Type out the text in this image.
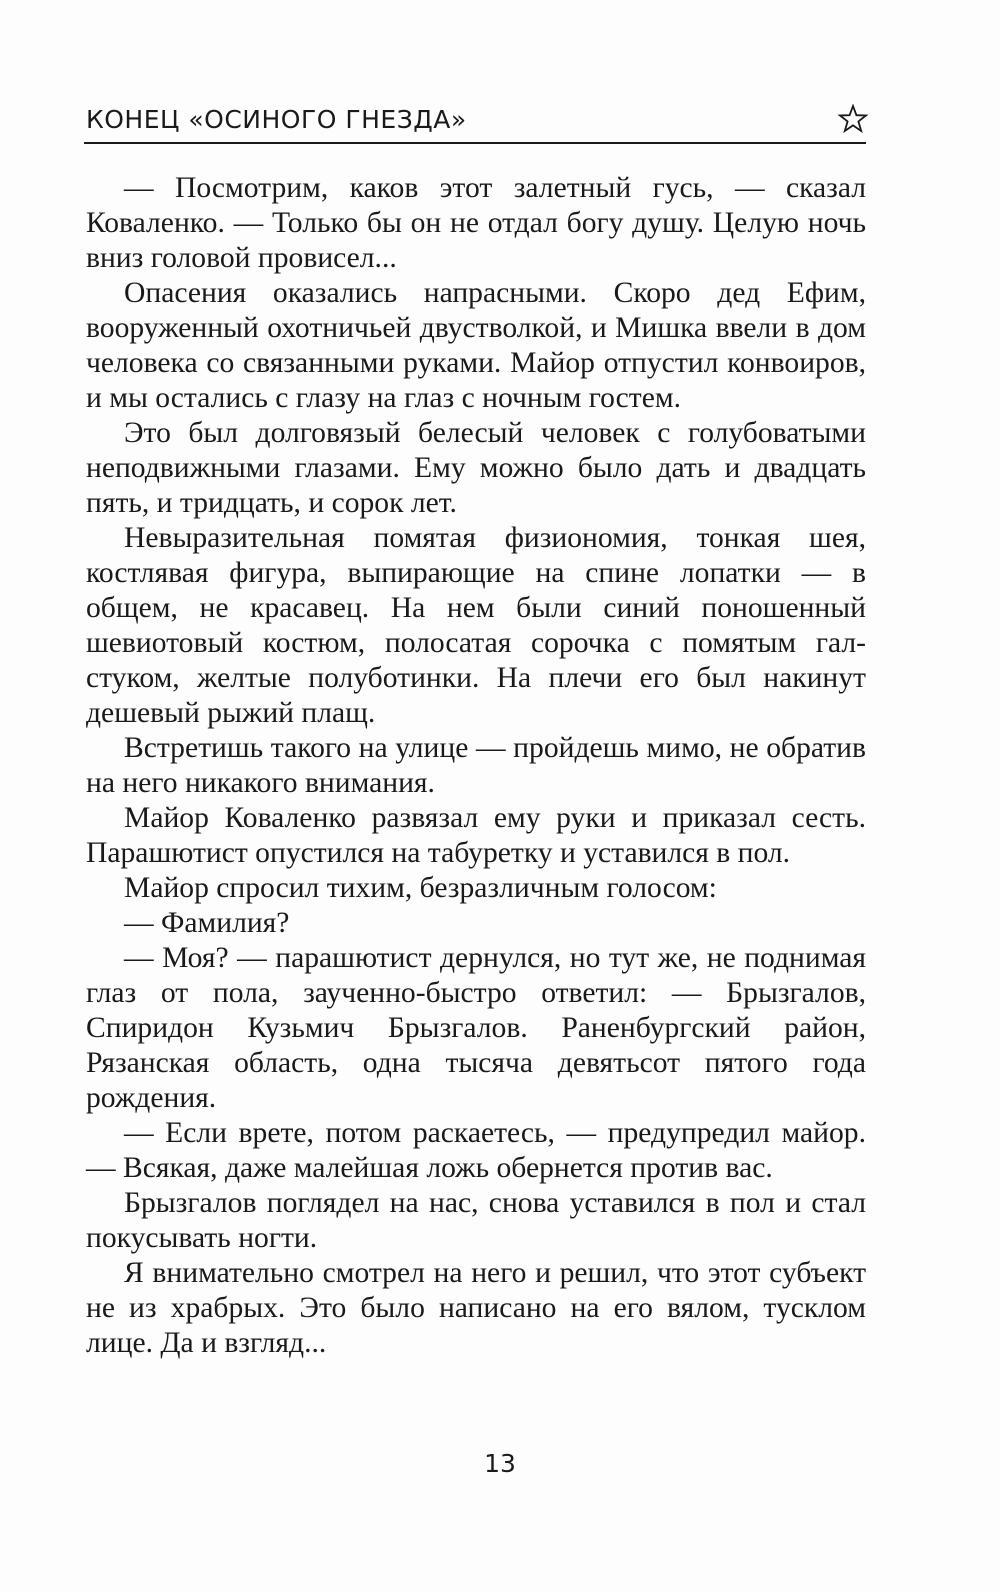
КОНЕЦ «ОСИНОГО ГНЕЗДА»

— Посмотрим, каков этот залетный гусь, — сказал Коваленко. — Только бы он не отдал богу душу. Целую ночь вниз головой провисел...

Опасения оказались напрасными. Скоро дед Ефим, вооруженный охотничьей двустволкой, и Мишка ввели в дом человека со связанными руками. Майор отпустил конвоиров, и мы остались с глазу на глаз с ночным гостем.

Это был долговязый белесый человек с голубоватыми неподвижными глазами. Ему можно было дать и двадцать пять, и тридцать, и сорок лет.

Невыразительная помятая физиономия, тонкая шея, костлявая фигура, выпирающие на спине лопатки — в общем, не красавец. На нем были синий поношенный шевиотовый костюм, полосатая сорочка с помятым галстуком, желтые полуботинки. На плечи его был накинут дешевый рыжий плащ.

Встретишь такого на улице — пройдешь мимо, не обратив на него никакого внимания.

Майор Коваленко развязал ему руки и приказал сесть. Парашютист опустился на табуретку и уставился в пол.

Майор спросил тихим, безразличным голосом:

— Фамилия?

— Моя? — парашютист дернулся, но тут же, не поднимая глаз от пола, заученно-быстро ответил: — Брызгалов, Спиридон Кузьмич Брызгалов. Раненбургский район, Рязанская область, одна тысяча девятьсот пятого года рождения.

— Если врете, потом раскаетесь, — предупредил майор. — Всякая, даже малейшая ложь обернется против вас.

Брызгалов поглядел на нас, снова уставился в пол и стал покусывать ногти.

Я внимательно смотрел на него и решил, что этот субъект не из храбрых. Это было написано на его вялом, тусклом лице. Да и взгляд...

13
